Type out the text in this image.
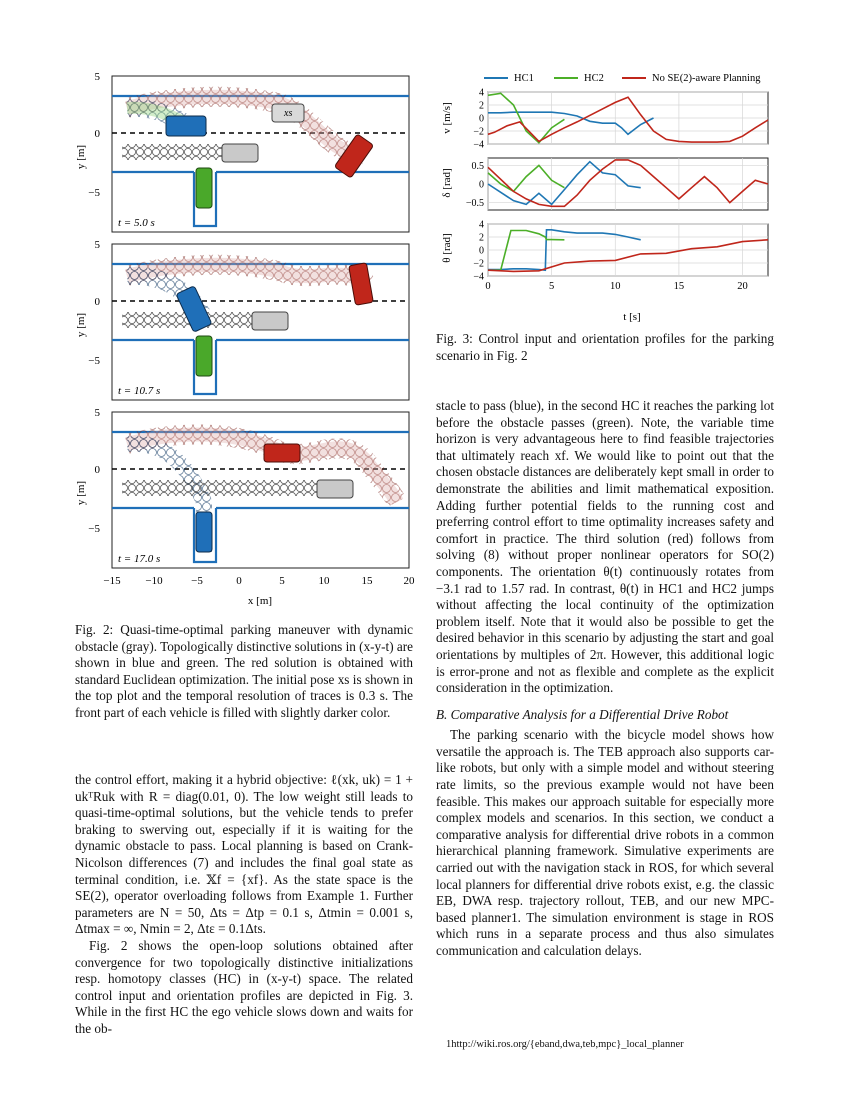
xs
t = 5.0 s
t = 10.7 s
t = 17.0 s
5
0
−5
5
0
−5
5
0
−5
y [m]
y [m]
y [m]
−15 −10	−5	0	5	10	15	20
x [m]
Fig. 2: Quasi-time-optimal parking maneuver with dynamic obstacle (gray). Topologically distinctive solutions in (x-y-t) are shown in blue and green. The red solution is obtained with standard Euclidean optimization. The initial pose xs is shown in the top plot and the temporal resolution of traces is 0.3 s. The front part of each vehicle is filled with slightly darker color.
HC1	HC2	No SE(2)-aware Planning
4
2
0
−2
−4
0.5
0
−0.5
4
2
0
−2
−4
0	5	10	15	20
v [m/s]
δ [rad]
θ [rad]
t [s]
Fig. 3: Control input and orientation profiles for the parking scenario in Fig. 2

the control effort, making it a hybrid objective: ℓ(xk, uk) = 1 + ukᵀRuk with R = diag(0.01, 0). The low weight still leads to quasi-time-optimal solutions, but the vehicle tends to prefer braking to swerving out, especially if it is waiting for the dynamic obstacle to pass. Local planning is based on Crank-Nicolson differences (7) and includes the final goal state as terminal condition, i.e. 𝕏f = {xf}. As the state space is the SE(2), operator overloading follows from Example 1. Further parameters are N = 50, Δts = Δtp = 0.1 s, Δtmin = 0.001 s, Δtmax = ∞, Nmin = 2, Δtε = 0.1Δts.

Fig. 2 shows the open-loop solutions obtained after convergence for two topologically distinctive initializations resp. homotopy classes (HC) in (x-y-t) space. The related control input and orientation profiles are depicted in Fig. 3. While in the first HC the ego vehicle slows down and waits for the ob-

stacle to pass (blue), in the second HC it reaches the parking lot before the obstacle passes (green). Note, the variable time horizon is very advantageous here to find feasible trajectories that ultimately reach xf. We would like to point out that the chosen obstacle distances are deliberately kept small in order to demonstrate the abilities and limit mathematical exposition. Adding further potential fields to the running cost and preferring control effort to time optimality increases safety and comfort in practice. The third solution (red) follows from solving (8) without proper nonlinear operators for SO(2) components. The orientation θ(t) continuously rotates from −3.1 rad to 1.57 rad. In contrast, θ(t) in HC1 and HC2 jumps without affecting the local continuity of the optimization problem itself. Note that it would also be possible to get the desired behavior in this scenario by adjusting the start and goal orientations by multiples of 2π. However, this additional logic is error-prone and not as flexible and complete as the explicit consideration in the optimization.

B. Comparative Analysis for a Differential Drive Robot

The parking scenario with the bicycle model shows how versatile the approach is. The TEB approach also supports car-like robots, but only with a simple model and without steering rate limits, so the previous example would not have been feasible. This makes our approach suitable for especially more complex models and scenarios. In this section, we conduct a comparative analysis for differential drive robots in a common hierarchical planning framework. Simulative experiments are carried out with the navigation stack in ROS, for which several local planners for differential drive robots exist, e.g. the classic EB, DWA resp. trajectory rollout, TEB, and our new MPC-based planner1. The simulation environment is stage in ROS which runs in a separate process and thus also simulates communication and calculation delays.

1http://wiki.ros.org/{eband,dwa,teb,mpc}_local_planner
